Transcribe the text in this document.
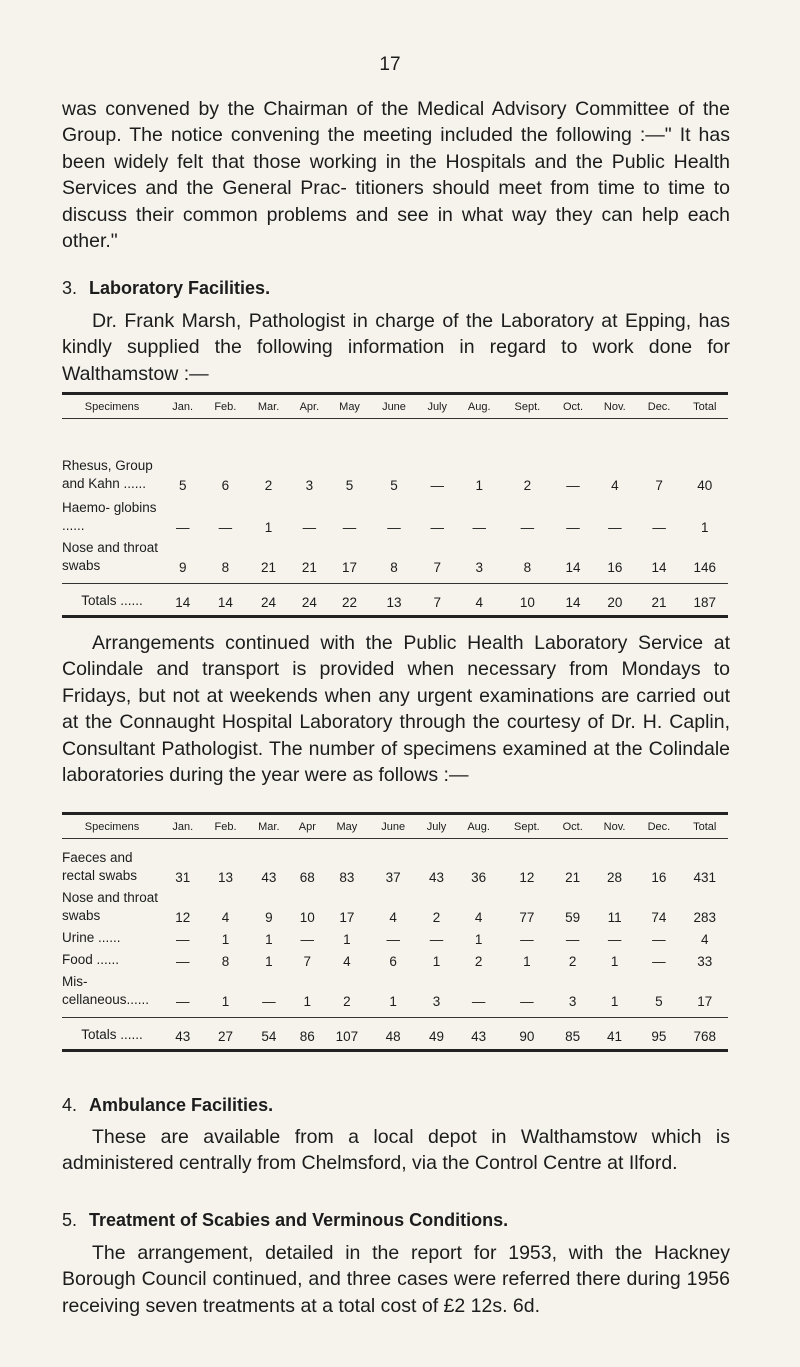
17

was convened by the Chairman of the Medical Advisory Committee of the Group. The notice convening the meeting included the following :—" It has been widely felt that those working in the Hospitals and the Public Health Services and the General Prac- titioners should meet from time to time to discuss their common problems and see in what way they can help each other."

3. Laboratory Facilities.

Dr. Frank Marsh, Pathologist in charge of the Laboratory at Epping, has kindly supplied the following information in regard to work done for Walthamstow :—

Specimens	Jan.	Feb.	Mar.	Apr.	May	June	July	Aug.	Sept.	Oct.	Nov.	Dec.	Total
Rhesus, Group and Kahn ......	5	6	2	3	5	5	—	1	2	—	4	7	40
Haemo- globins ......	—	—	1	—	—	—	—	—	—	—	—	—	1
Nose and throat swabs	9	8	21	21	17	8	7	3	8	14	16	14	146
Totals ......	14	14	24	24	22	13	7	4	10	14	20	21	187

Arrangements continued with the Public Health Laboratory Service at Colindale and transport is provided when necessary from Mondays to Fridays, but not at weekends when any urgent examinations are carried out at the Connaught Hospital Laboratory through the courtesy of Dr. H. Caplin, Consultant Pathologist. The number of specimens examined at the Colindale laboratories during the year were as follows :—

Specimens	Jan.	Feb.	Mar.	Apr	May	June	July	Aug.	Sept.	Oct.	Nov.	Dec.	Total
Faeces and rectal swabs	31	13	43	68	83	37	43	36	12	21	28	16	431
Nose and throat swabs	12	4	9	10	17	4	2	4	77	59	11	74	283
Urine ......	—	1	1	—	1	—	—	1	—	—	—	—	4
Food ......	—	8	1	7	4	6	1	2	1	2	1	—	33
Mis- cellaneous......	—	1	—	1	2	1	3	—	—	3	1	5	17
Totals ......	43	27	54	86	107	48	49	43	90	85	41	95	768
4. Ambulance Facilities.

These are available from a local depot in Walthamstow which is administered centrally from Chelmsford, via the Control Centre at Ilford.

5. Treatment of Scabies and Verminous Conditions.

The arrangement, detailed in the report for 1953, with the Hackney Borough Council continued, and three cases were referred there during 1956 receiving seven treatments at a total cost of £2 12s. 6d.
